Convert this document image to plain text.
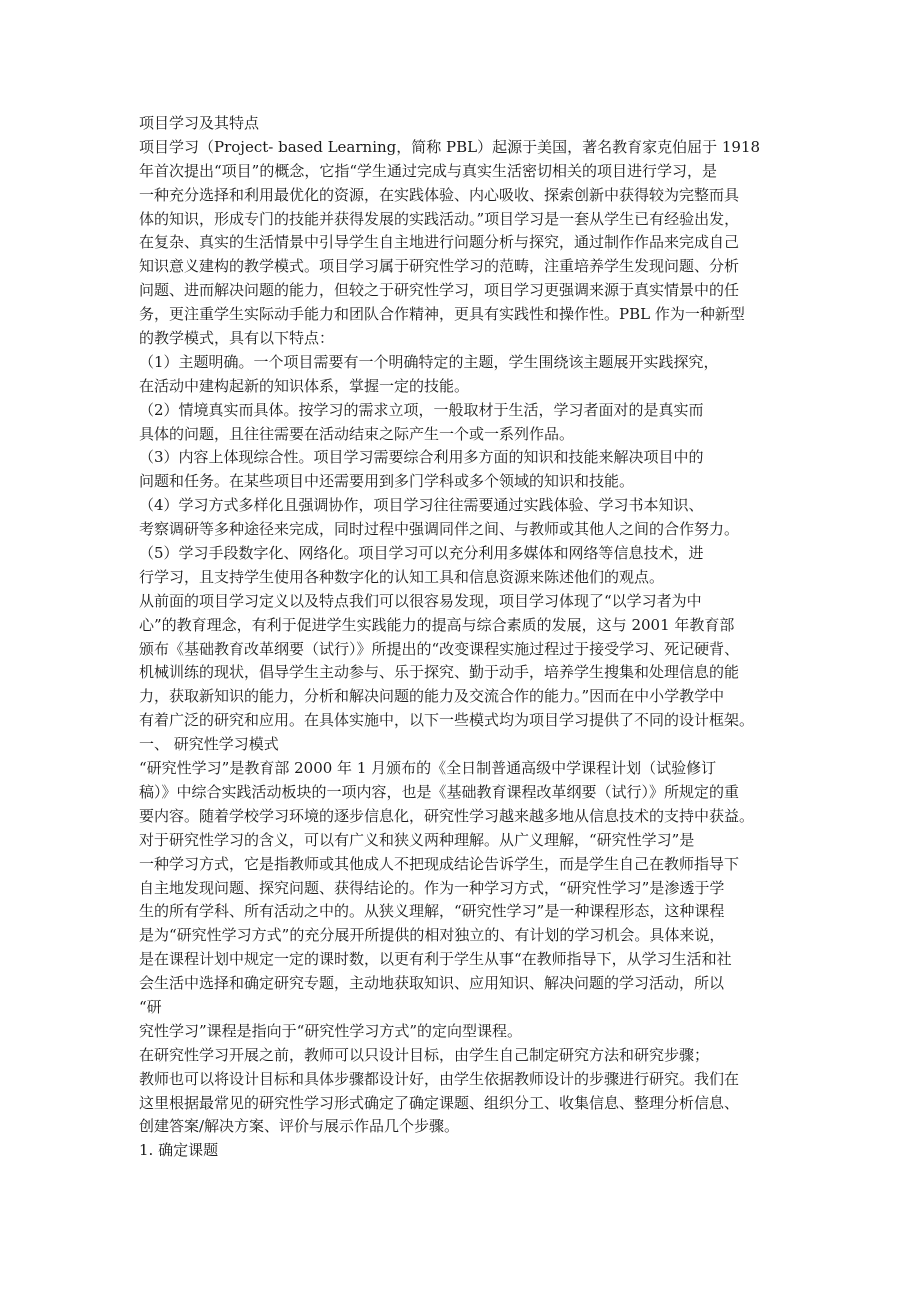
项目学习及其特点
项目学习（Project- based Learning，简称 PBL）起源于美国，著名教育家克伯屈于 1918
年首次提出“项目”的概念，它指“学生通过完成与真实生活密切相关的项目进行学习，是
一种充分选择和利用最优化的资源，在实践体验、内心吸收、探索创新中获得较为完整而具
体的知识，形成专门的技能并获得发展的实践活动。”项目学习是一套从学生已有经验出发，
在复杂、真实的生活情景中引导学生自主地进行问题分析与探究，通过制作作品来完成自己
知识意义建构的教学模式。项目学习属于研究性学习的范畴，注重培养学生发现问题、分析
问题、进而解决问题的能力，但较之于研究性学习，项目学习更强调来源于真实情景中的任
务，更注重学生实际动手能力和团队合作精神，更具有实践性和操作性。PBL 作为一种新型
的教学模式，具有以下特点：
（1）主题明确。一个项目需要有一个明确特定的主题，学生围绕该主题展开实践探究，
在活动中建构起新的知识体系，掌握一定的技能。
（2）情境真实而具体。按学习的需求立项，一般取材于生活，学习者面对的是真实而
具体的问题，且往往需要在活动结束之际产生一个或一系列作品。
（3）内容上体现综合性。项目学习需要综合利用多方面的知识和技能来解决项目中的
问题和任务。在某些项目中还需要用到多门学科或多个领域的知识和技能。
（4）学习方式多样化且强调协作，项目学习往往需要通过实践体验、学习书本知识、
考察调研等多种途径来完成，同时过程中强调同伴之间、与教师或其他人之间的合作努力。
（5）学习手段数字化、网络化。项目学习可以充分利用多媒体和网络等信息技术，进
行学习，且支持学生使用各种数字化的认知工具和信息资源来陈述他们的观点。
从前面的项目学习定义以及特点我们可以很容易发现，项目学习体现了“以学习者为中
心”的教育理念，有利于促进学生实践能力的提高与综合素质的发展，这与 2001 年教育部
颁布《基础教育改革纲要（试行）》所提出的“改变课程实施过程过于接受学习、死记硬背、
机械训练的现状，倡导学生主动参与、乐于探究、勤于动手，培养学生搜集和处理信息的能
力，获取新知识的能力，分析和解决问题的能力及交流合作的能力。”因而在中小学教学中
有着广泛的研究和应用。在具体实施中，以下一些模式均为项目学习提供了不同的设计框架。
一、 研究性学习模式
“研究性学习”是教育部 2000 年 1 月颁布的《全日制普通高级中学课程计划（试验修订
稿）》中综合实践活动板块的一项内容，也是《基础教育课程改革纲要（试行）》所规定的重
要内容。随着学校学习环境的逐步信息化，研究性学习越来越多地从信息技术的支持中获益。
对于研究性学习的含义，可以有广义和狭义两种理解。从广义理解，“研究性学习”是
一种学习方式，它是指教师或其他成人不把现成结论告诉学生，而是学生自己在教师指导下
自主地发现问题、探究问题、获得结论的。作为一种学习方式，“研究性学习”是渗透于学
生的所有学科、所有活动之中的。从狭义理解，“研究性学习”是一种课程形态，这种课程
是为“研究性学习方式”的充分展开所提供的相对独立的、有计划的学习机会。具体来说，
是在课程计划中规定一定的课时数，以更有利于学生从事“在教师指导下，从学习生活和社
会生活中选择和确定研究专题，主动地获取知识、应用知识、解决问题的学习活动，所以
“研
究性学习”课程是指向于“研究性学习方式”的定向型课程。
在研究性学习开展之前，教师可以只设计目标，由学生自己制定研究方法和研究步骤；
教师也可以将设计目标和具体步骤都设计好，由学生依据教师设计的步骤进行研究。我们在
这里根据最常见的研究性学习形式确定了确定课题、组织分工、收集信息、整理分析信息、
创建答案/解决方案、评价与展示作品几个步骤。
1. 确定课题
